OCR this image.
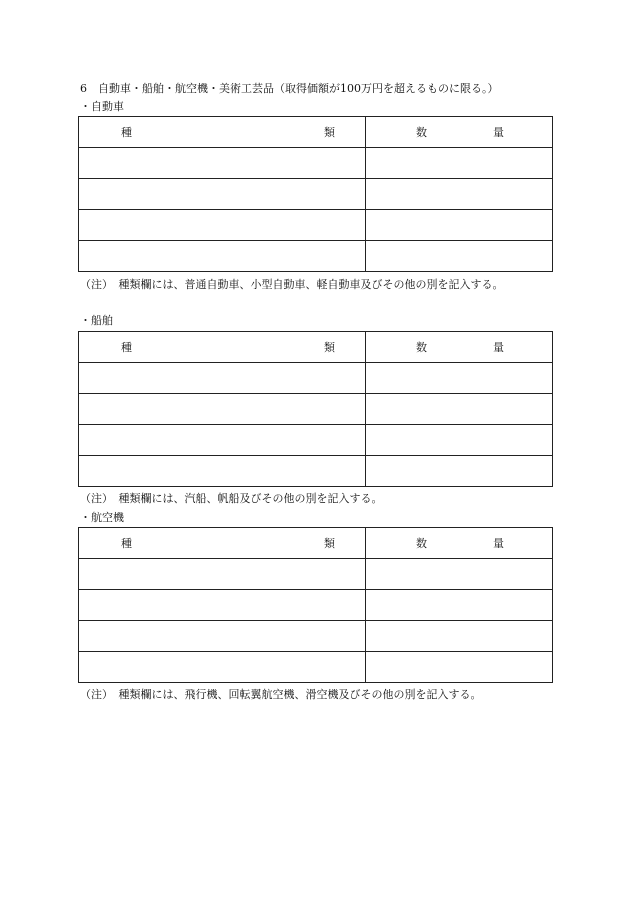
6　自動車・船舶・航空機・美術工芸品（取得価額が100万円を超えるものに限る。）
・自動車
種 類	数 量

（注）　種類欄には、普通自動車、小型自動車、軽自動車及びその他の別を記入する。
・船舶
種 類	数 量

（注）　種類欄には、汽船、帆船及びその他の別を記入する。
・航空機
種 類	数 量

（注）　種類欄には、飛行機、回転翼航空機、滑空機及びその他の別を記入する。
